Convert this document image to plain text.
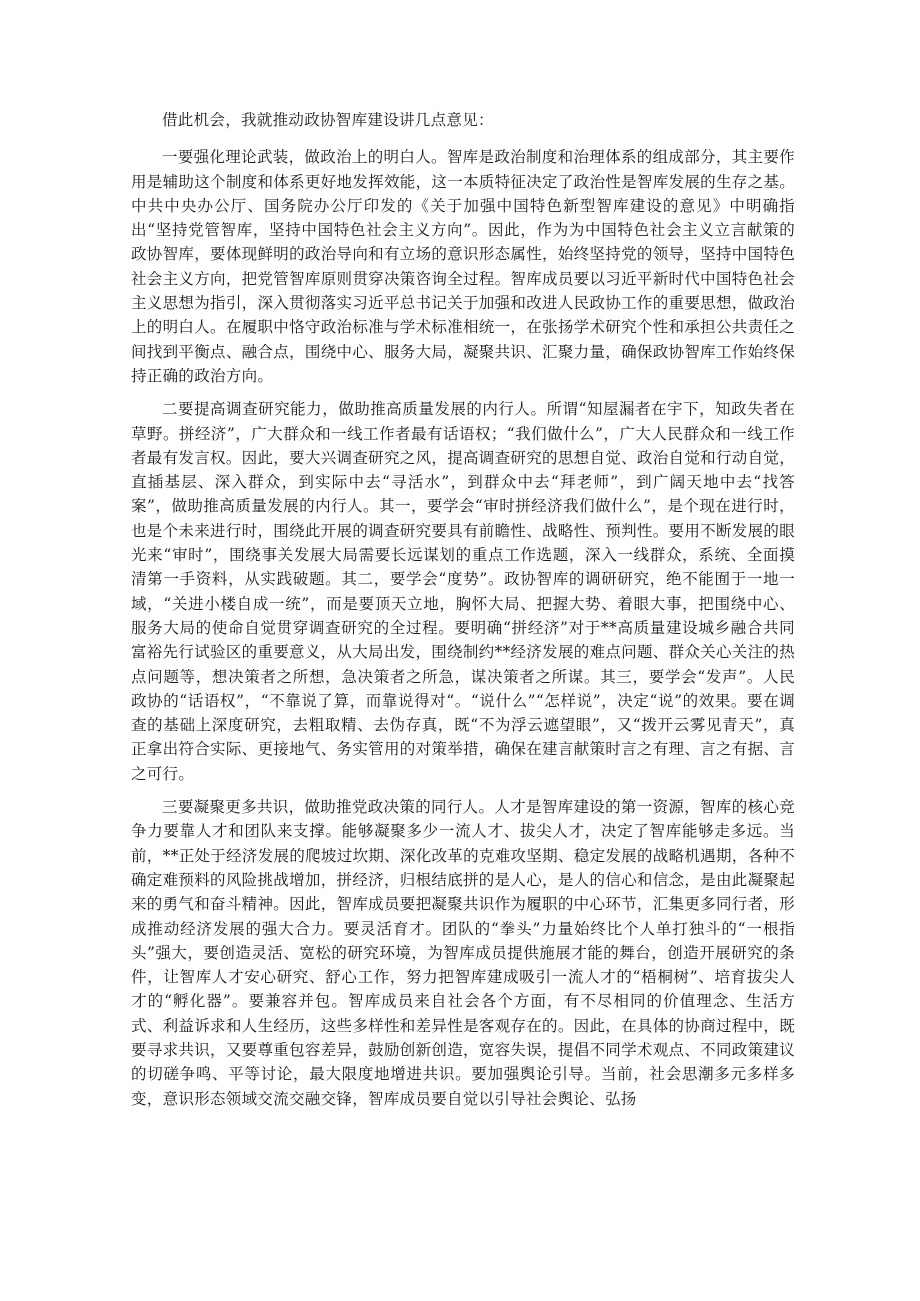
借此机会，我就推动政协智库建设讲几点意见：

一要强化理论武装，做政治上的明白人。智库是政治制度和治理体系的组成部分，其主要作用是辅助这个制度和体系更好地发挥效能，这一本质特征决定了政治性是智库发展的生存之基。中共中央办公厅、国务院办公厅印发的《关于加强中国特色新型智库建设的意见》中明确指出“坚持党管智库，坚持中国特色社会主义方向”。因此，作为为中国特色社会主义立言献策的政协智库，要体现鲜明的政治导向和有立场的意识形态属性，始终坚持党的领导，坚持中国特色社会主义方向，把党管智库原则贯穿决策咨询全过程。智库成员要以习近平新时代中国特色社会主义思想为指引，深入贯彻落实习近平总书记关于加强和改进人民政协工作的重要思想，做政治上的明白人。在履职中恪守政治标准与学术标准相统一，在张扬学术研究个性和承担公共责任之间找到平衡点、融合点，围绕中心、服务大局，凝聚共识、汇聚力量，确保政协智库工作始终保持正确的政治方向。

二要提高调查研究能力，做助推高质量发展的内行人。所谓“知屋漏者在宇下，知政失者在草野。拼经济”，广大群众和一线工作者最有话语权；“我们做什么”，广大人民群众和一线工作者最有发言权。因此，要大兴调查研究之风，提高调查研究的思想自觉、政治自觉和行动自觉，直插基层、深入群众，到实际中去“寻活水”，到群众中去“拜老师”，到广阔天地中去“找答案”，做助推高质量发展的内行人。其一，要学会“审时拼经济我们做什么”，是个现在进行时，也是个未来进行时，围绕此开展的调查研究要具有前瞻性、战略性、预判性。要用不断发展的眼光来“审时”，围绕事关发展大局需要长远谋划的重点工作选题，深入一线群众，系统、全面摸清第一手资料，从实践破题。其二，要学会“度势”。政协智库的调研研究，绝不能囿于一地一域，“关进小楼自成一统”，而是要顶天立地，胸怀大局、把握大势、着眼大事，把围绕中心、服务大局的使命自觉贯穿调查研究的全过程。要明确“拼经济”对于**高质量建设城乡融合共同富裕先行试验区的重要意义，从大局出发，围绕制约**经济发展的难点问题、群众关心关注的热点问题等，想决策者之所想，急决策者之所急，谋决策者之所谋。其三，要学会“发声”。人民政协的“话语权”，“不靠说了算，而靠说得对“。“说什么”“怎样说”，决定“说”的效果。要在调查的基础上深度研究，去粗取精、去伪存真，既“不为浮云遮望眼”，又“拨开云雾见青天”，真正拿出符合实际、更接地气、务实管用的对策举措，确保在建言献策时言之有理、言之有据、言之可行。

三要凝聚更多共识，做助推党政决策的同行人。人才是智库建设的第一资源，智库的核心竞争力要靠人才和团队来支撑。能够凝聚多少一流人才、拔尖人才，决定了智库能够走多远。当前，**正处于经济发展的爬坡过坎期、深化改革的克难攻坚期、稳定发展的战略机遇期，各种不确定难预料的风险挑战增加，拼经济，归根结底拼的是人心，是人的信心和信念，是由此凝聚起来的勇气和奋斗精神。因此，智库成员要把凝聚共识作为履职的中心环节，汇集更多同行者，形成推动经济发展的强大合力。要灵活育才。团队的“拳头”力量始终比个人单打独斗的“一根指头”强大，要创造灵活、宽松的研究环境，为智库成员提供施展才能的舞台，创造开展研究的条件，让智库人才安心研究、舒心工作，努力把智库建成吸引一流人才的“梧桐树”、培育拔尖人才的“孵化器”。要兼容并包。智库成员来自社会各个方面，有不尽相同的价值理念、生活方式、利益诉求和人生经历，这些多样性和差异性是客观存在的。因此，在具体的协商过程中，既要寻求共识，又要尊重包容差异，鼓励创新创造，宽容失误，提倡不同学术观点、不同政策建议的切磋争鸣、平等讨论，最大限度地增进共识。要加强舆论引导。当前，社会思潮多元多样多变，意识形态领域交流交融交锋，智库成员要自觉以引导社会舆论、弘扬
